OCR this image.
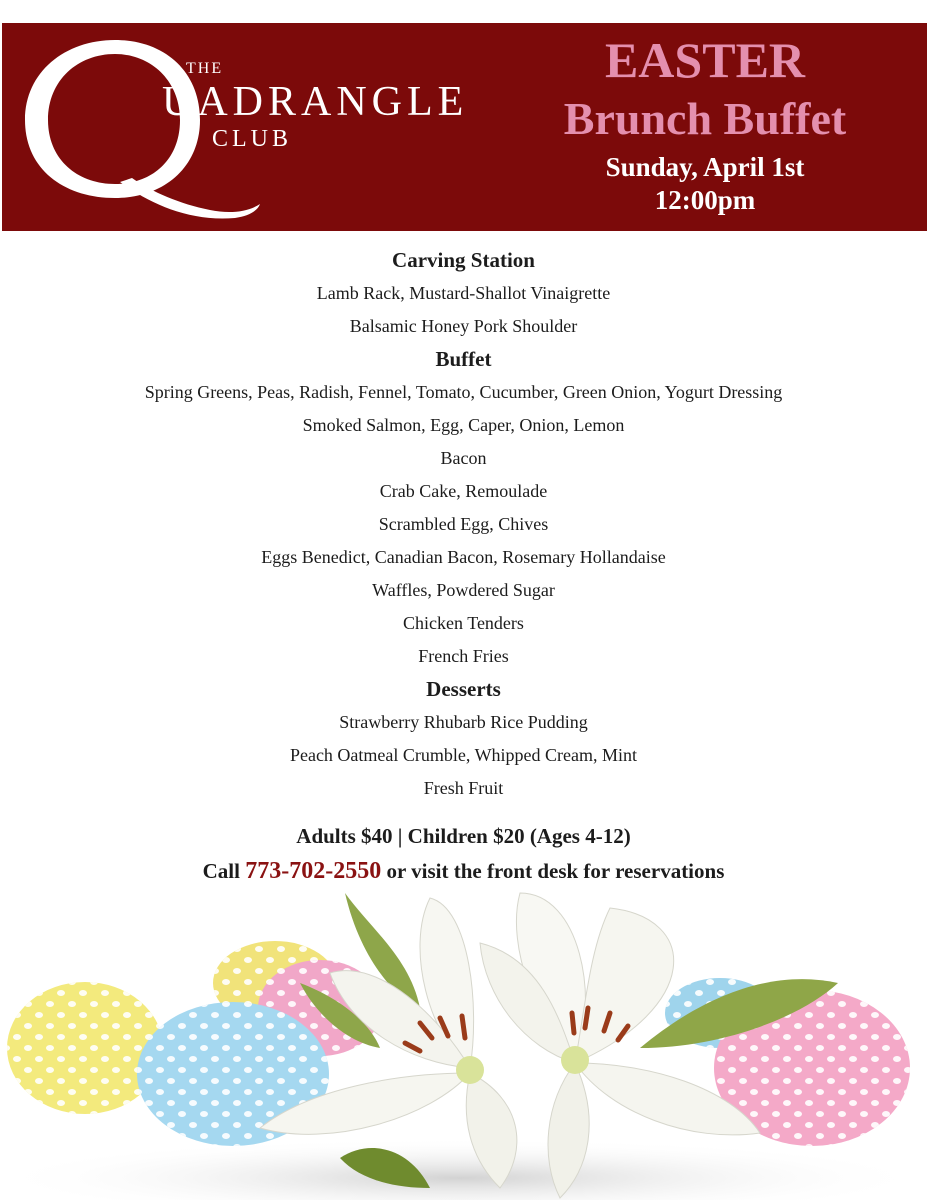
THE
UADRANGLE
CLUB
EASTER
Brunch Buffet
Sunday, April 1st
12:00pm
Carving Station
Lamb Rack, Mustard-Shallot Vinaigrette
Balsamic Honey Pork Shoulder
Buffet
Spring Greens, Peas, Radish, Fennel, Tomato, Cucumber, Green Onion, Yogurt Dressing
Smoked Salmon, Egg, Caper, Onion, Lemon
Bacon
Crab Cake, Remoulade
Scrambled Egg, Chives
Eggs Benedict, Canadian Bacon, Rosemary Hollandaise
Waffles, Powdered Sugar
Chicken Tenders
French Fries
Desserts
Strawberry Rhubarb Rice Pudding
Peach Oatmeal Crumble, Whipped Cream, Mint
Fresh Fruit
Adults $40 | Children $20 (Ages 4-12)
Call 773-702-2550 or visit the front desk for reservations
